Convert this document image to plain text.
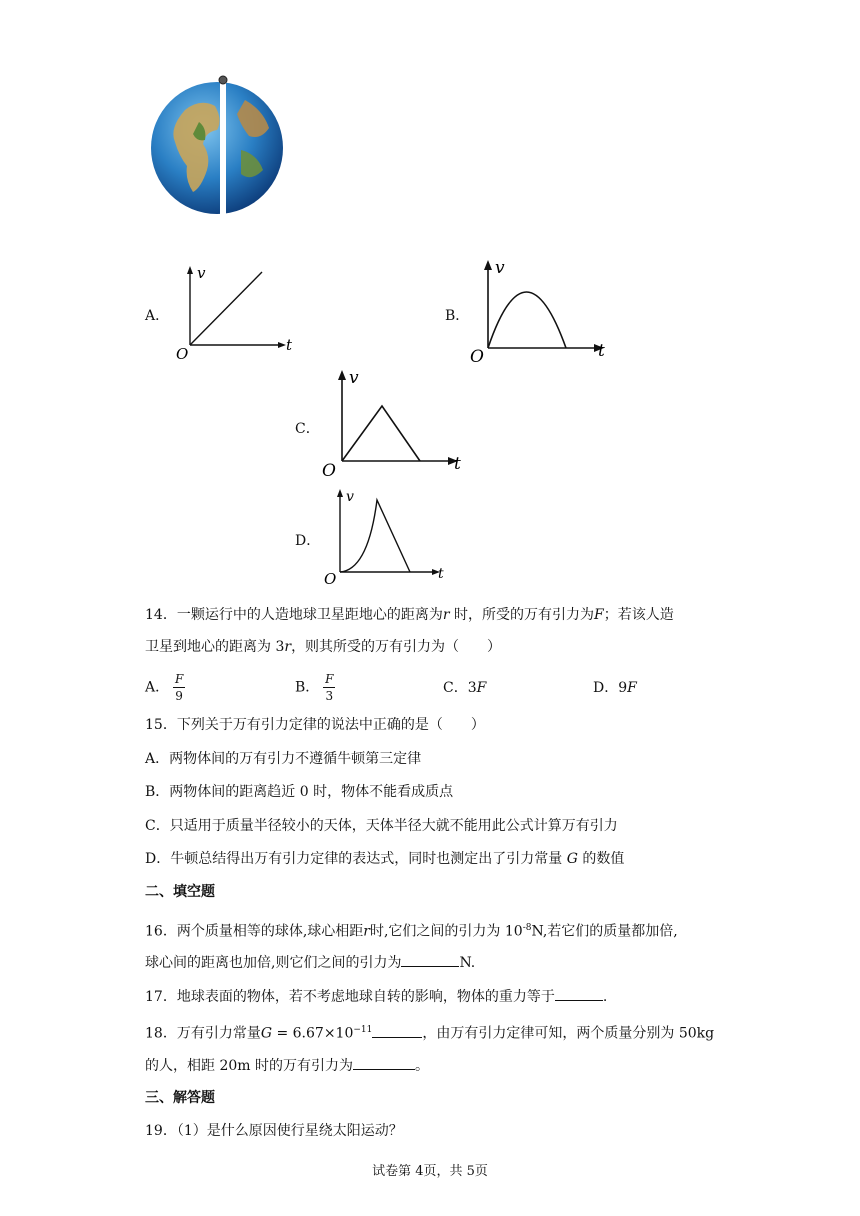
A．
v
t
O
B．
v
t
O
C．
v
t
O
D．
v
t
O
14．一颗运行中的人造地球卫星距地心的距离为r 时，所受的万有引力为F；若该人造
卫星到地心的距离为 3r，则其所受的万有引力为（　　）
A． $\frac{F}{9}$	B． $\frac{F}{3}$	C．3F	D．9F
15．下列关于万有引力定律的说法中正确的是（　　）
A．两物体间的万有引力不遵循牛顿第三定律
B．两物体间的距离趋近 0 时，物体不能看成质点
C．只适用于质量半径较小的天体，天体半径大就不能用此公式计算万有引力
D．牛顿总结得出万有引力定律的表达式，同时也测定出了引力常量 G 的数值
二、填空题
16．两个质量相等的球体,球心相距r时,它们之间的引力为 $10^{-8}N$,若它们的质量都加倍,
球心间的距离也加倍,则它们之间的引力为	N.
17．地球表面的物体，若不考虑地球自转的影响，物体的重力等于	.
18．万有引力常量$G = 6.67\times 10^{-11}$	，由万有引力定律可知，两个质量分别为 50kg
的人，相距 20m 时的万有引力为	。
三、解答题
19．（1）是什么原因使行星绕太阳运动？
试卷第 4页，共 5页
